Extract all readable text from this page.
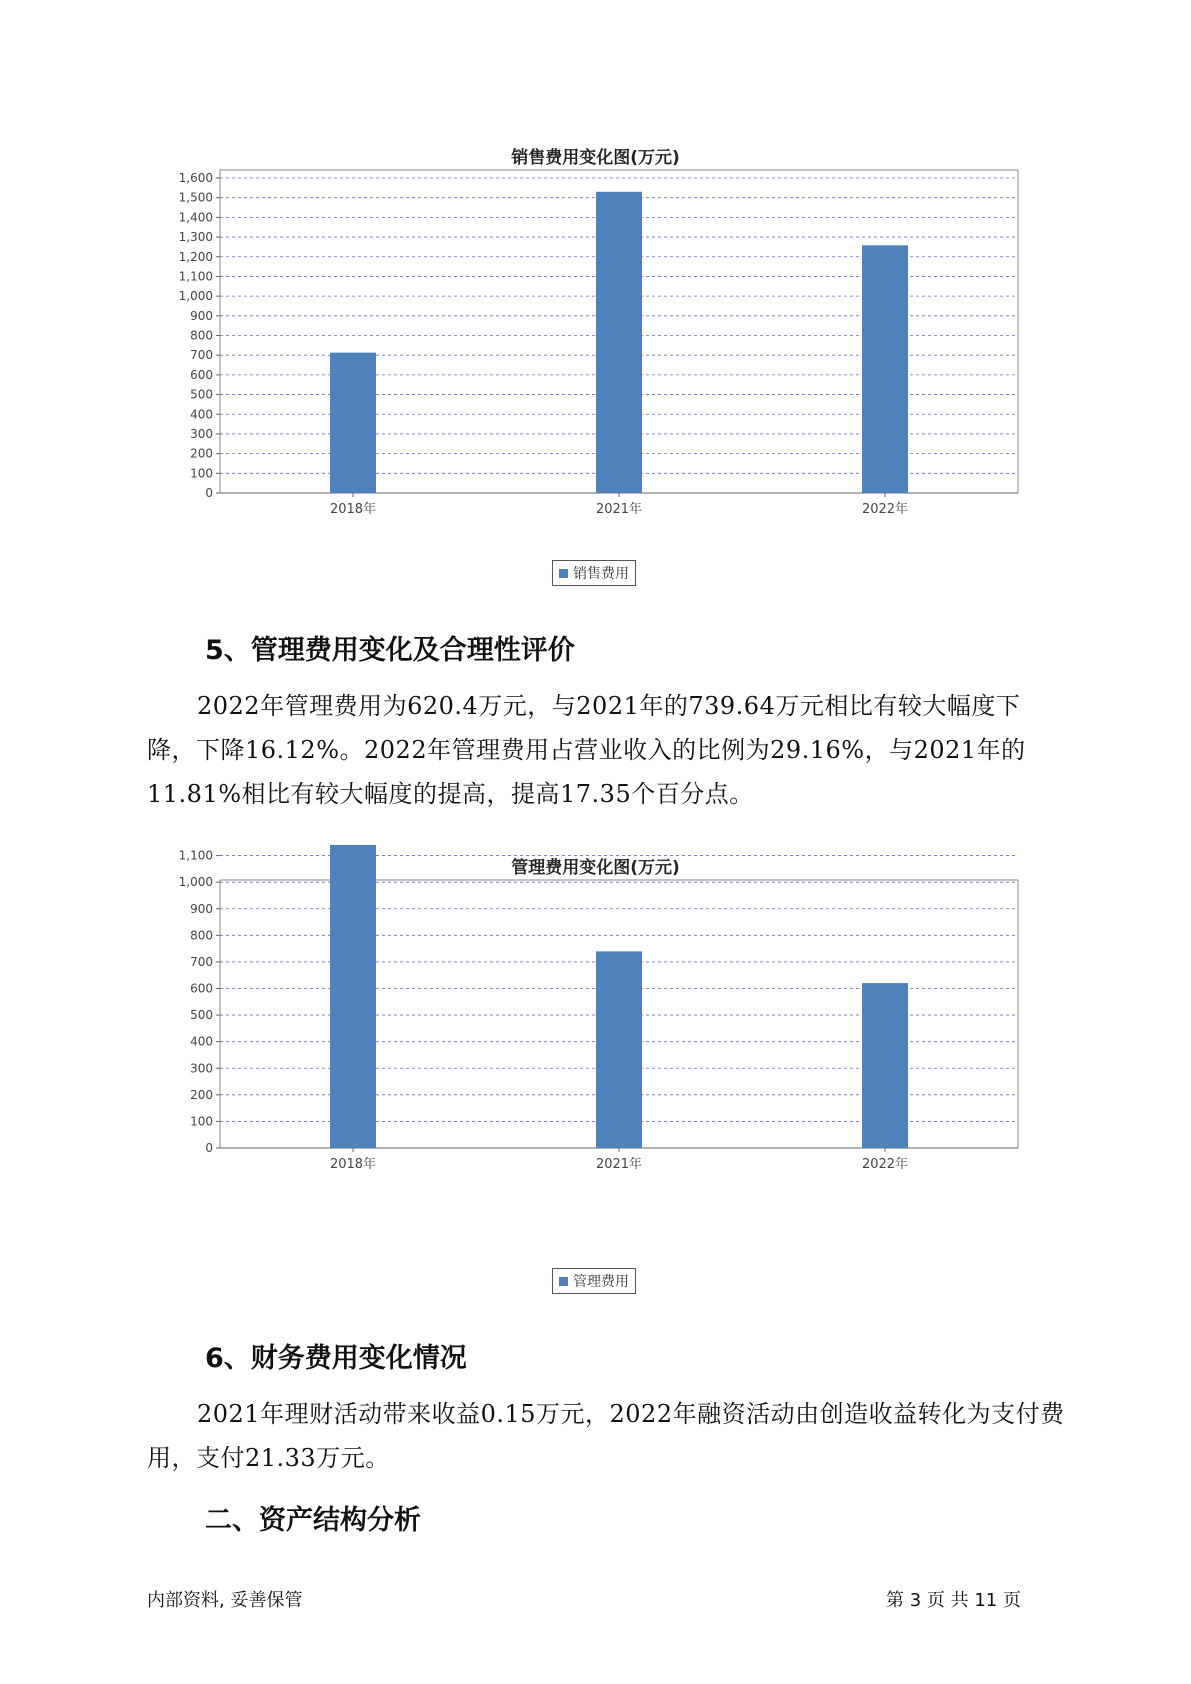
销售费用变化图(万元)
0
100
200
300
400
500
600
700
800
900
1,000
1,100
1,200
1,300
1,400
1,500
1,600
2018年	2021年	2022年
销售费用
5、管理费用变化及合理性评价
2022年管理费用为620.4万元，与2021年的739.64万元相比有较大幅度下降，下降16.12%。2022年管理费用占营业收入的比例为29.16%，与2021年的11.81%相比有较大幅度的提高，提高17.35个百分点。
管理费用变化图(万元)
0
100
200
300
400
500
600
700
800
900
1,000
1,100
2018年	2021年	2022年
管理费用
6、财务费用变化情况
2021年理财活动带来收益0.15万元，2022年融资活动由创造收益转化为支付费用，支付21.33万元。
二、资产结构分析
内部资料, 妥善保管	第 3 页 共 11 页
